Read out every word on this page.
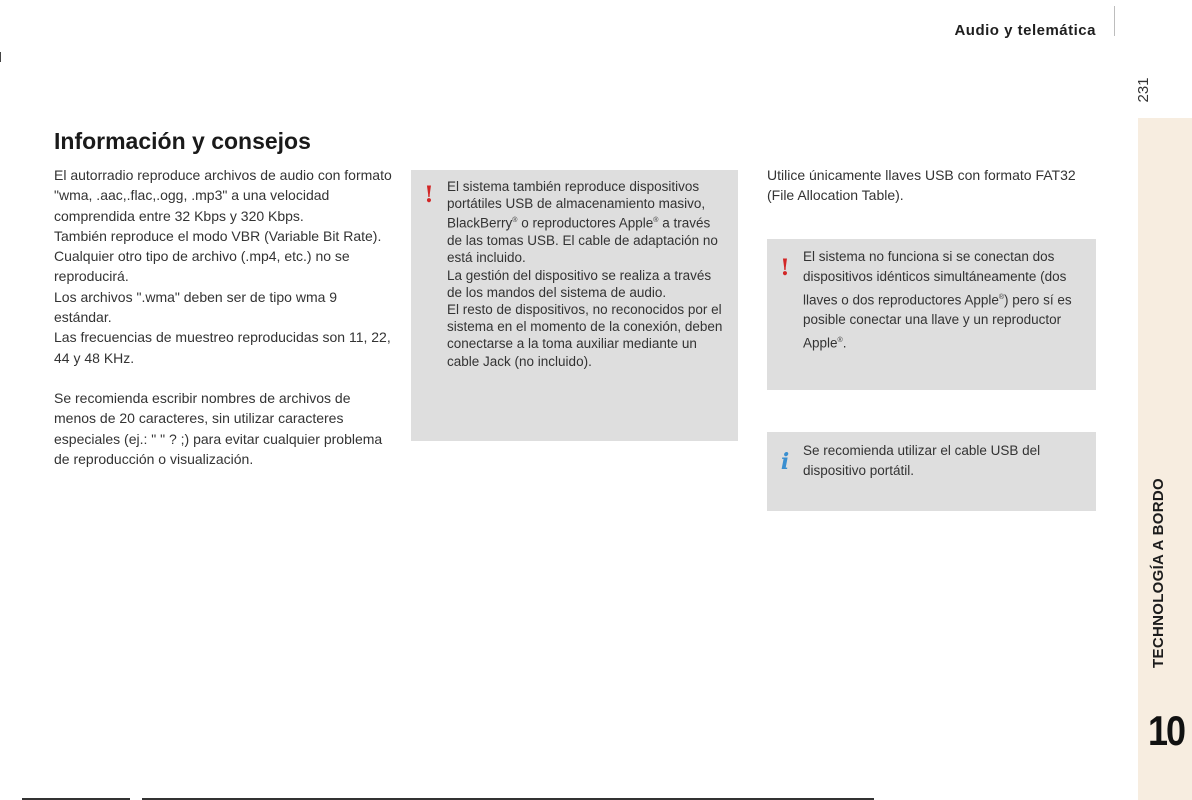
Audio y telemática
231
TECHNOLOGÍA A BORDO
10
Información y consejos

El autorradio reproduce archivos de audio con formato "wma, .aac,.flac,.ogg, .mp3" a una velocidad comprendida entre 32 Kbps y 320 Kbps.

También reproduce el modo VBR (Variable Bit Rate).

Cualquier otro tipo de archivo (.mp4, etc.) no se reproducirá.

Los archivos ".wma" deben ser de tipo wma 9 estándar.

Las frecuencias de muestreo reproducidas son 11, 22, 44 y 48 KHz.

Se recomienda escribir nombres de archivos de menos de 20 caracteres, sin utilizar caracteres especiales (ej.: " " ? ;) para evitar cualquier problema de reproducción o visualización.

! El sistema también reproduce dispositivos portátiles USB de almacenamiento masivo, BlackBerry® o reproductores Apple® a través de las tomas USB. El cable de adaptación no está incluido.

La gestión del dispositivo se realiza a través de los mandos del sistema de audio.

El resto de dispositivos, no reconocidos por el sistema en el momento de la conexión, deben conectarse a la toma auxiliar mediante un cable Jack (no incluido).

Utilice únicamente llaves USB con formato FAT32 (File Allocation Table).

! El sistema no funciona si se conectan dos dispositivos idénticos simultáneamente (dos llaves o dos reproductores Apple®) pero sí es posible conectar una llave y un reproductor Apple®.

i	Se recomienda utilizar el cable USB del dispositivo portátil.
